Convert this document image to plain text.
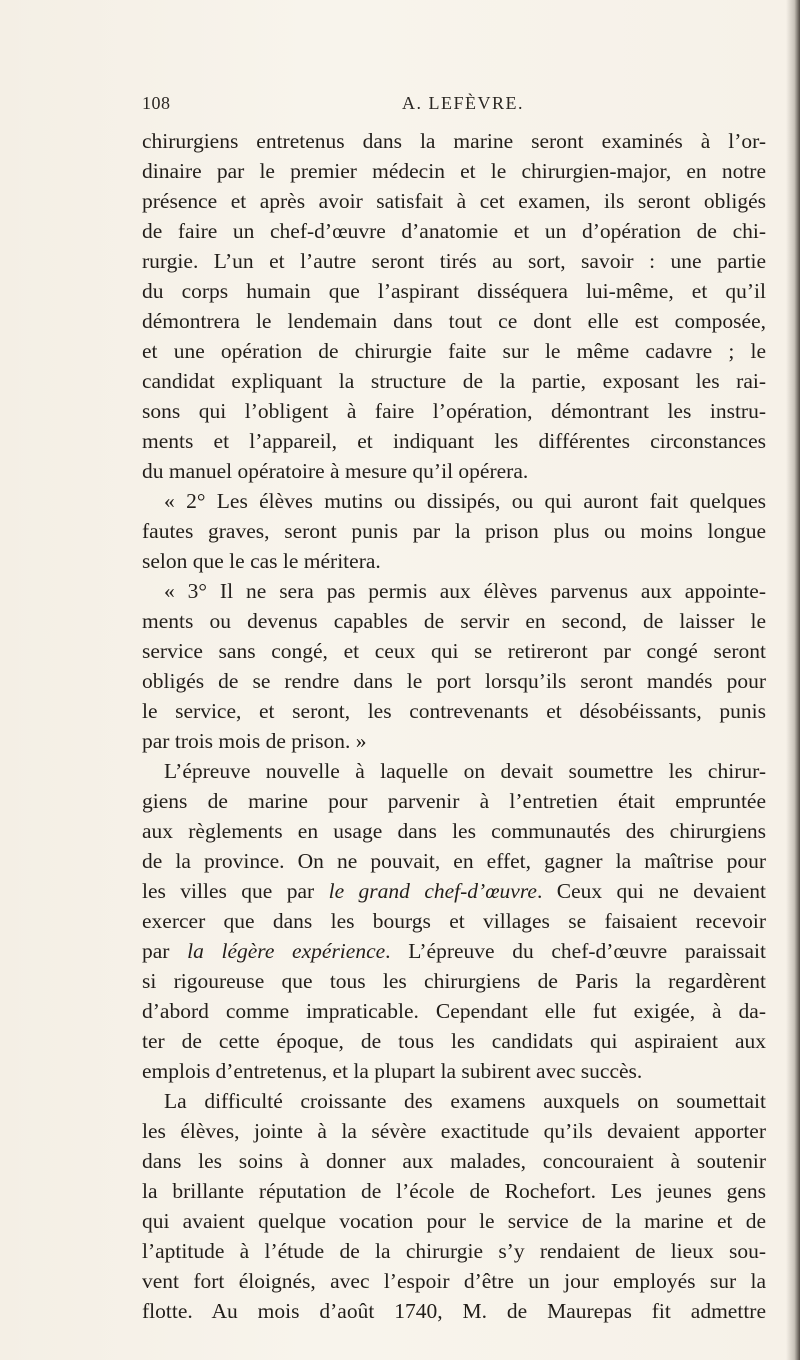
108	A. LEFÈVRE.
chirurgiens entretenus dans la marine seront examinés à l’or-
dinaire par le premier médecin et le chirurgien-major, en notre
présence et après avoir satisfait à cet examen, ils seront obligés
de faire un chef-d’œuvre d’anatomie et un d’opération de chi-
rurgie. L’un et l’autre seront tirés au sort, savoir : une partie
du corps humain que l’aspirant disséquera lui-même, et qu’il
démontrera le lendemain dans tout ce dont elle est composée,
et une opération de chirurgie faite sur le même cadavre ; le
candidat expliquant la structure de la partie, exposant les rai-
sons qui l’obligent à faire l’opération, démontrant les instru-
ments et l’appareil, et indiquant les différentes circonstances
du manuel opératoire à mesure qu’il opérera.
« 2° Les élèves mutins ou dissipés, ou qui auront fait quelques
fautes graves, seront punis par la prison plus ou moins longue
selon que le cas le méritera.
« 3° Il ne sera pas permis aux élèves parvenus aux appointe-
ments ou devenus capables de servir en second, de laisser le
service sans congé, et ceux qui se retireront par congé seront
obligés de se rendre dans le port lorsqu’ils seront mandés pour
le service, et seront, les contrevenants et désobéissants, punis
par trois mois de prison. »
L’épreuve nouvelle à laquelle on devait soumettre les chirur-
giens de marine pour parvenir à l’entretien était empruntée
aux règlements en usage dans les communautés des chirurgiens
de la province. On ne pouvait, en effet, gagner la maîtrise pour
les villes que par le grand chef-d’œuvre. Ceux qui ne devaient
exercer que dans les bourgs et villages se faisaient recevoir
par la légère expérience. L’épreuve du chef-d’œuvre paraissait
si rigoureuse que tous les chirurgiens de Paris la regardèrent
d’abord comme impraticable. Cependant elle fut exigée, à da-
ter de cette époque, de tous les candidats qui aspiraient aux
emplois d’entretenus, et la plupart la subirent avec succès.
La difficulté croissante des examens auxquels on soumettait
les élèves, jointe à la sévère exactitude qu’ils devaient apporter
dans les soins à donner aux malades, concouraient à soutenir
la brillante réputation de l’école de Rochefort. Les jeunes gens
qui avaient quelque vocation pour le service de la marine et de
l’aptitude à l’étude de la chirurgie s’y rendaient de lieux sou-
vent fort éloignés, avec l’espoir d’être un jour employés sur la
flotte. Au mois d’août 1740, M. de Maurepas fit admettre
